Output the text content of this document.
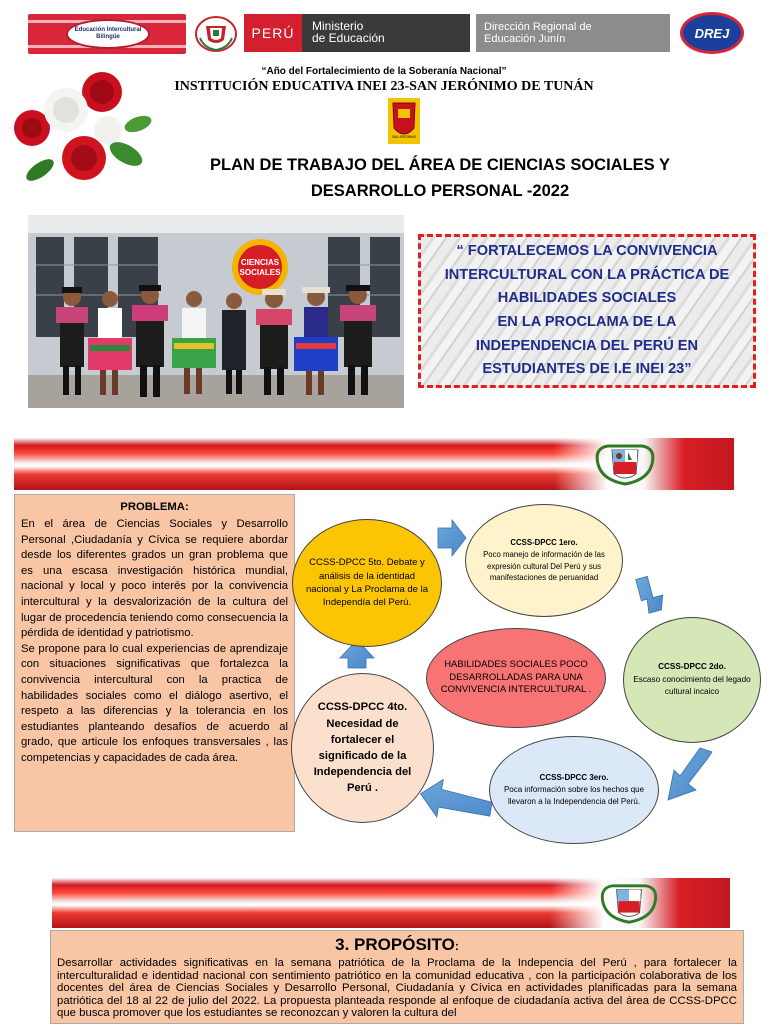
Educación Intercultural Bilingüe	PERÚ Ministerio
de Educación
Dirección Regional de
Educación Junín	DREJ
“Año del Fortalecimiento de la Soberanía Nacional”
INSTITUCIÓN EDUCATIVA INEI 23-SAN JERÓNIMO DE TUNÁN
SAN JERÓNIMO
PLAN DE TRABAJO DEL ÁREA DE CIENCIAS SOCIALES Y
DESARROLLO PERSONAL -2022
CIENCIAS
SOCIALES

“ FORTALECEMOS LA CONVIVENCIA
INTERCULTURAL CON LA PRÁCTICA DE
HABILIDADES SOCIALES
EN LA PROCLAMA DE LA
INDEPENDENCIA DEL PERÚ EN
ESTUDIANTES DE I.E INEI 23”

PROBLEMA:

En el área de Ciencias Sociales y Desarrollo Personal ,Ciudadanía y Cívica se requiere abordar desde los diferentes grados un gran problema que es una escasa investigación histórica mundial, nacional y local y poco interés por la convivencia intercultural y la desvalorización de la cultura del lugar de procedencia teniendo como consecuencia la pérdida de identidad y patriotismo.

Se propone para lo cual experiencias de aprendizaje con situaciones significativas que fortalezca la convivencia intercultural con la practica de habilidades sociales como el diálogo asertivo, el respeto a las diferencias y la tolerancia en los estudiantes planteando desafíos de acuerdo al grado, que articule los enfoques transversales , las competencias y capacidades de cada área.

CCSS-DPCC 5to. Debate y análisis de la identidad nacional y La Proclama de la Independía del Perú.
CCSS-DPCC 1ero.
Poco manejo de información de las expresión cultural Del Perú y sus manifestaciones de peruanidad
CCSS-DPCC 2do.
Escaso conocimiento del legado cultural incaico
HABILIDADES SOCIALES POCO DESARROLLADAS PARA UNA CONVIVENCIA INTERCULTURAL .
CCSS-DPCC 3ero.
Poca información sobre los hechos que llevaron a la Independencia del Perú.
CCSS-DPCC 4to.
Necesidad de fortalecer el significado de la Independencia del Perú .
3. PROPÓSITO:

Desarrollar actividades significativas en la semana patriótica de la Proclama de la Indepencia del Perú , para fortalecer la interculturalidad e identidad nacional con sentimiento patriótico en la comunidad educativa , con la participación colaborativa de los docentes del área de Ciencias Sociales y Desarrollo Personal, Ciudadanía y Cívica en actividades planificadas para la semana patriótica del 18 al 22 de julio del 2022. La propuesta planteada responde al enfoque de ciudadanía activa del área de CCSS-DPCC que busca promover que los estudiantes se reconozcan y valoren la cultura del
